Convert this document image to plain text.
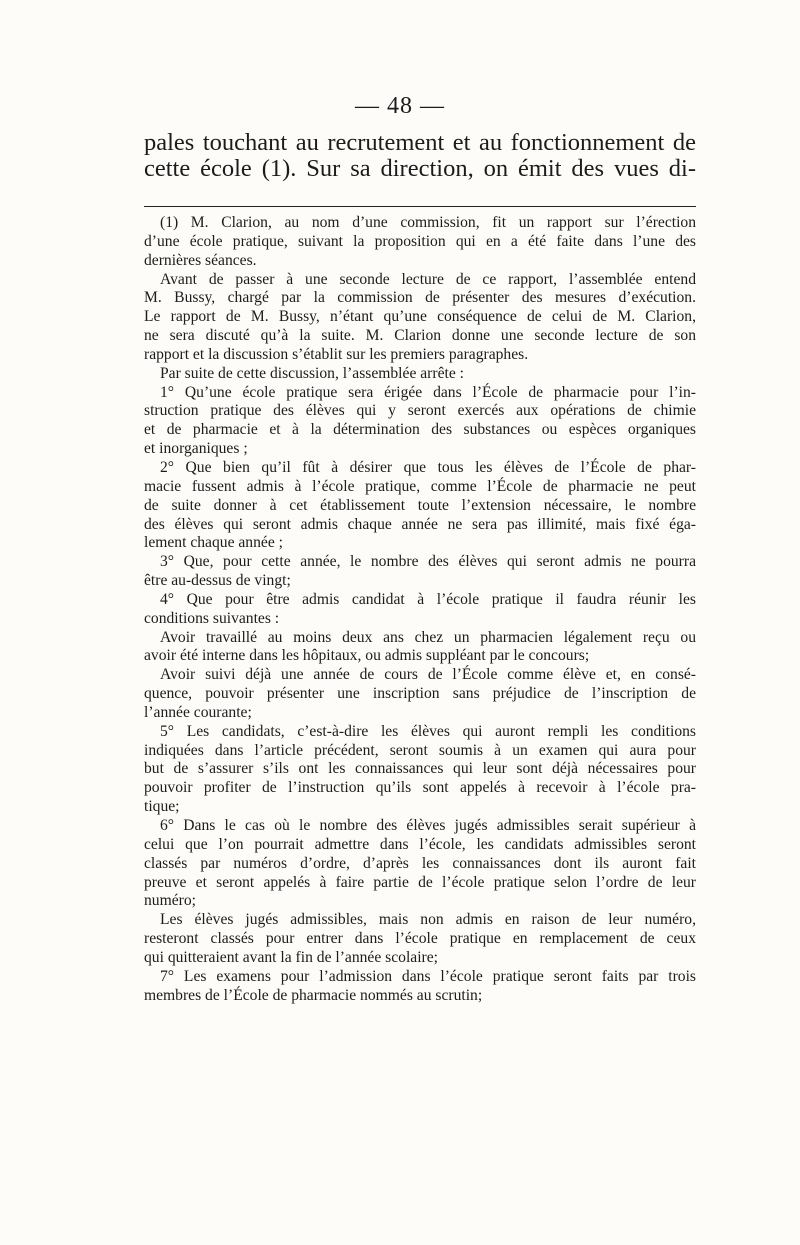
— 48 —
pales touchant au recrutement et au fonctionnement de
cette école (1). Sur sa direction, on émit des vues di-
(1) M. Clarion, au nom d’une commission, fit un rapport sur l’érection
d’une école pratique, suivant la proposition qui en a été faite dans l’une des
dernières séances.
Avant de passer à une seconde lecture de ce rapport, l’assemblée entend
M. Bussy, chargé par la commission de présenter des mesures d’exécution.
Le rapport de M. Bussy, n’étant qu’une conséquence de celui de M. Clarion,
ne sera discuté qu’à la suite. M. Clarion donne une seconde lecture de son
rapport et la discussion s’établit sur les premiers paragraphes.
Par suite de cette discussion, l’assemblée arrête :
1° Qu’une école pratique sera érigée dans l’École de pharmacie pour l’in-
struction pratique des élèves qui y seront exercés aux opérations de chimie
et de pharmacie et à la détermination des substances ou espèces organiques
et inorganiques ;
2° Que bien qu’il fût à désirer que tous les élèves de l’École de phar-
macie fussent admis à l’école pratique, comme l’École de pharmacie ne peut
de suite donner à cet établissement toute l’extension nécessaire, le nombre
des élèves qui seront admis chaque année ne sera pas illimité, mais fixé éga-
lement chaque année ;
3° Que, pour cette année, le nombre des élèves qui seront admis ne pourra
être au-dessus de vingt;
4° Que pour être admis candidat à l’école pratique il faudra réunir les
conditions suivantes :
Avoir travaillé au moins deux ans chez un pharmacien légalement reçu ou
avoir été interne dans les hôpitaux, ou admis suppléant par le concours;
Avoir suivi déjà une année de cours de l’École comme élève et, en consé-
quence, pouvoir présenter une inscription sans préjudice de l’inscription de
l’année courante;
5° Les candidats, c’est-à-dire les élèves qui auront rempli les conditions
indiquées dans l’article précédent, seront soumis à un examen qui aura pour
but de s’assurer s’ils ont les connaissances qui leur sont déjà nécessaires pour
pouvoir profiter de l’instruction qu’ils sont appelés à recevoir à l’école pra-
tique;
6° Dans le cas où le nombre des élèves jugés admissibles serait supérieur à
celui que l’on pourrait admettre dans l’école, les candidats admissibles seront
classés par numéros d’ordre, d’après les connaissances dont ils auront fait
preuve et seront appelés à faire partie de l’école pratique selon l’ordre de leur
numéro;
Les élèves jugés admissibles, mais non admis en raison de leur numéro,
resteront classés pour entrer dans l’école pratique en remplacement de ceux
qui quitteraient avant la fin de l’année scolaire;
7° Les examens pour l’admission dans l’école pratique seront faits par trois
membres de l’École de pharmacie nommés au scrutin;
